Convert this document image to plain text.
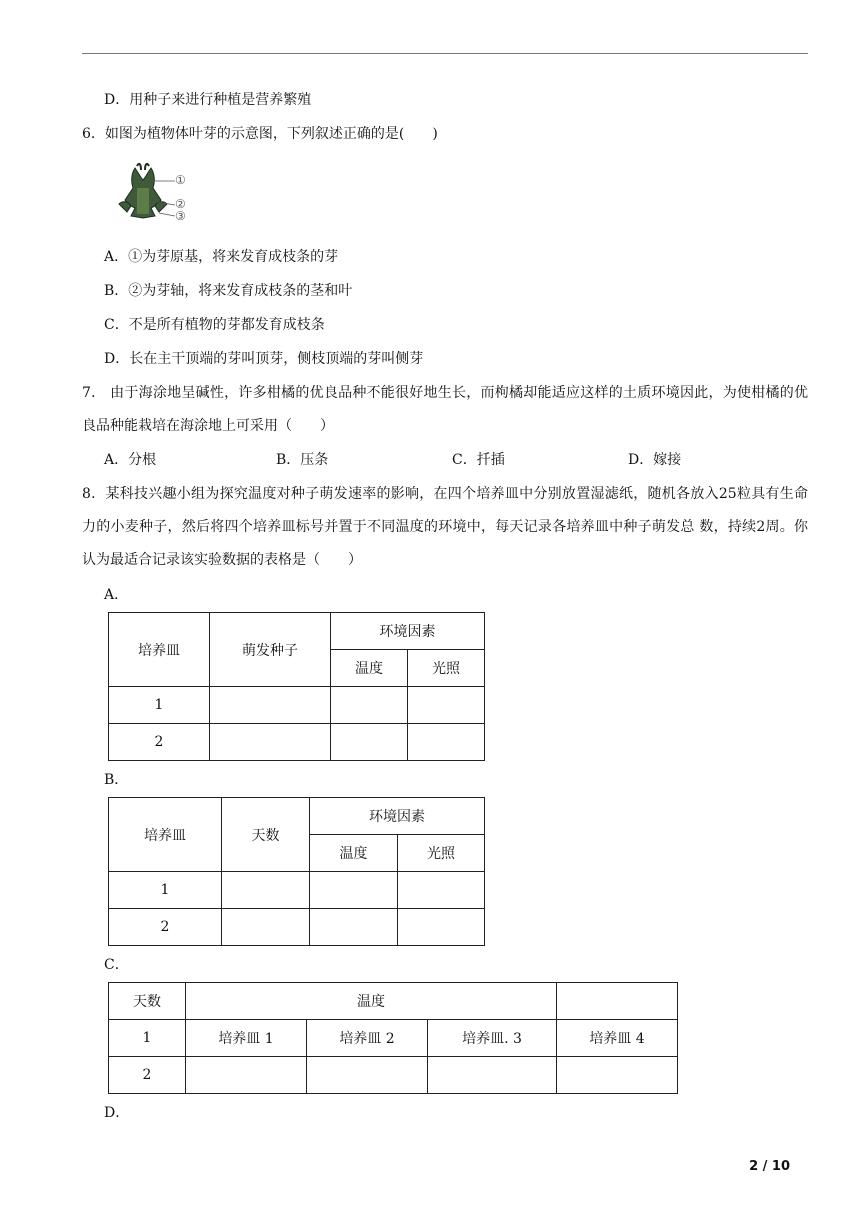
D．用种子来进行种植是营养繁殖
6．如图为植物体叶芽的示意图，下列叙述正确的是(　　)
①
②
③
A．①为芽原基，将来发育成枝条的芽
B．②为芽轴，将来发育成枝条的茎和叶
C．不是所有植物的芽都发育成枝条
D．长在主干顶端的芽叫顶芽，侧枝顶端的芽叫侧芽
7． 由于海涂地呈碱性，许多柑橘的优良品种不能很好地生长，而枸橘却能适应这样的土质环境因此，为使柑橘的优良品种能栽培在海涂地上可采用（　　）
A．分根	B．压条	C．扦插	D．嫁接
8．某科技兴趣小组为探究温度对种子萌发速率的影响，在四个培养皿中分别放置湿滤纸，随机各放入25粒具有生命力的小麦种子，然后将四个培养皿标号并置于不同温度的环境中，每天记录各培养皿中种子萌发总 数，持续2周。你认为最适合记录该实验数据的表格是（　　）
A．
培养皿	萌发种子	环境因素	
		温度	光照
1			
2			
B．
培养皿	天数	环境因素	
		温度	光照
1			
2			
C．
天数	温度			
1	培养皿 1	培养皿 2	培养皿. 3	培养皿 4
2				
D．
2 / 10
